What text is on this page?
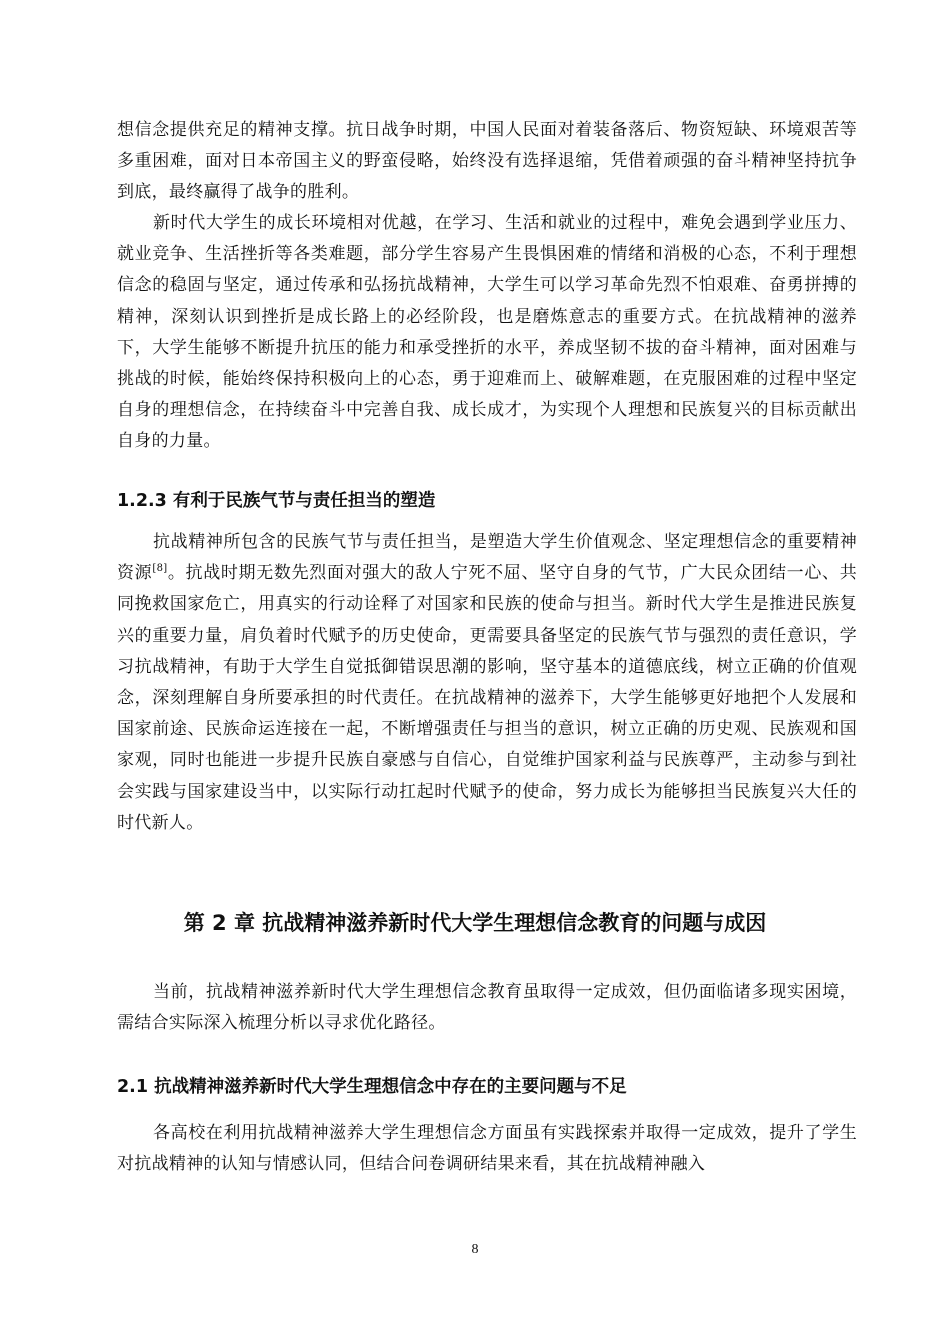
想信念提供充足的精神支撑。抗日战争时期，中国人民面对着装备落后、物资短缺、环境艰苦等多重困难，面对日本帝国主义的野蛮侵略，始终没有选择退缩，凭借着顽强的奋斗精神坚持抗争到底，最终赢得了战争的胜利。
新时代大学生的成长环境相对优越，在学习、生活和就业的过程中，难免会遇到学业压力、就业竞争、生活挫折等各类难题，部分学生容易产生畏惧困难的情绪和消极的心态，不利于理想信念的稳固与坚定，通过传承和弘扬抗战精神，大学生可以学习革命先烈不怕艰难、奋勇拼搏的精神，深刻认识到挫折是成长路上的必经阶段，也是磨炼意志的重要方式。在抗战精神的滋养下，大学生能够不断提升抗压的能力和承受挫折的水平，养成坚韧不拔的奋斗精神，面对困难与挑战的时候，能始终保持积极向上的心态，勇于迎难而上、破解难题，在克服困难的过程中坚定自身的理想信念，在持续奋斗中完善自我、成长成才，为实现个人理想和民族复兴的目标贡献出自身的力量。
1.2.3 有利于民族气节与责任担当的塑造
抗战精神所包含的民族气节与责任担当，是塑造大学生价值观念、坚定理想信念的重要精神资源[8]。抗战时期无数先烈面对强大的敌人宁死不屈、坚守自身的气节，广大民众团结一心、共同挽救国家危亡，用真实的行动诠释了对国家和民族的使命与担当。新时代大学生是推进民族复兴的重要力量，肩负着时代赋予的历史使命，更需要具备坚定的民族气节与强烈的责任意识，学习抗战精神，有助于大学生自觉抵御错误思潮的影响，坚守基本的道德底线，树立正确的价值观念，深刻理解自身所要承担的时代责任。在抗战精神的滋养下，大学生能够更好地把个人发展和国家前途、民族命运连接在一起，不断增强责任与担当的意识，树立正确的历史观、民族观和国家观，同时也能进一步提升民族自豪感与自信心，自觉维护国家利益与民族尊严，主动参与到社会实践与国家建设当中，以实际行动扛起时代赋予的使命，努力成长为能够担当民族复兴大任的时代新人。
第 2 章 抗战精神滋养新时代大学生理想信念教育的问题与成因
当前，抗战精神滋养新时代大学生理想信念教育虽取得一定成效，但仍面临诸多现实困境，需结合实际深入梳理分析以寻求优化路径。
2.1 抗战精神滋养新时代大学生理想信念中存在的主要问题与不足
各高校在利用抗战精神滋养大学生理想信念方面虽有实践探索并取得一定成效，提升了学生对抗战精神的认知与情感认同，但结合问卷调研结果来看，其在抗战精神融入
8
